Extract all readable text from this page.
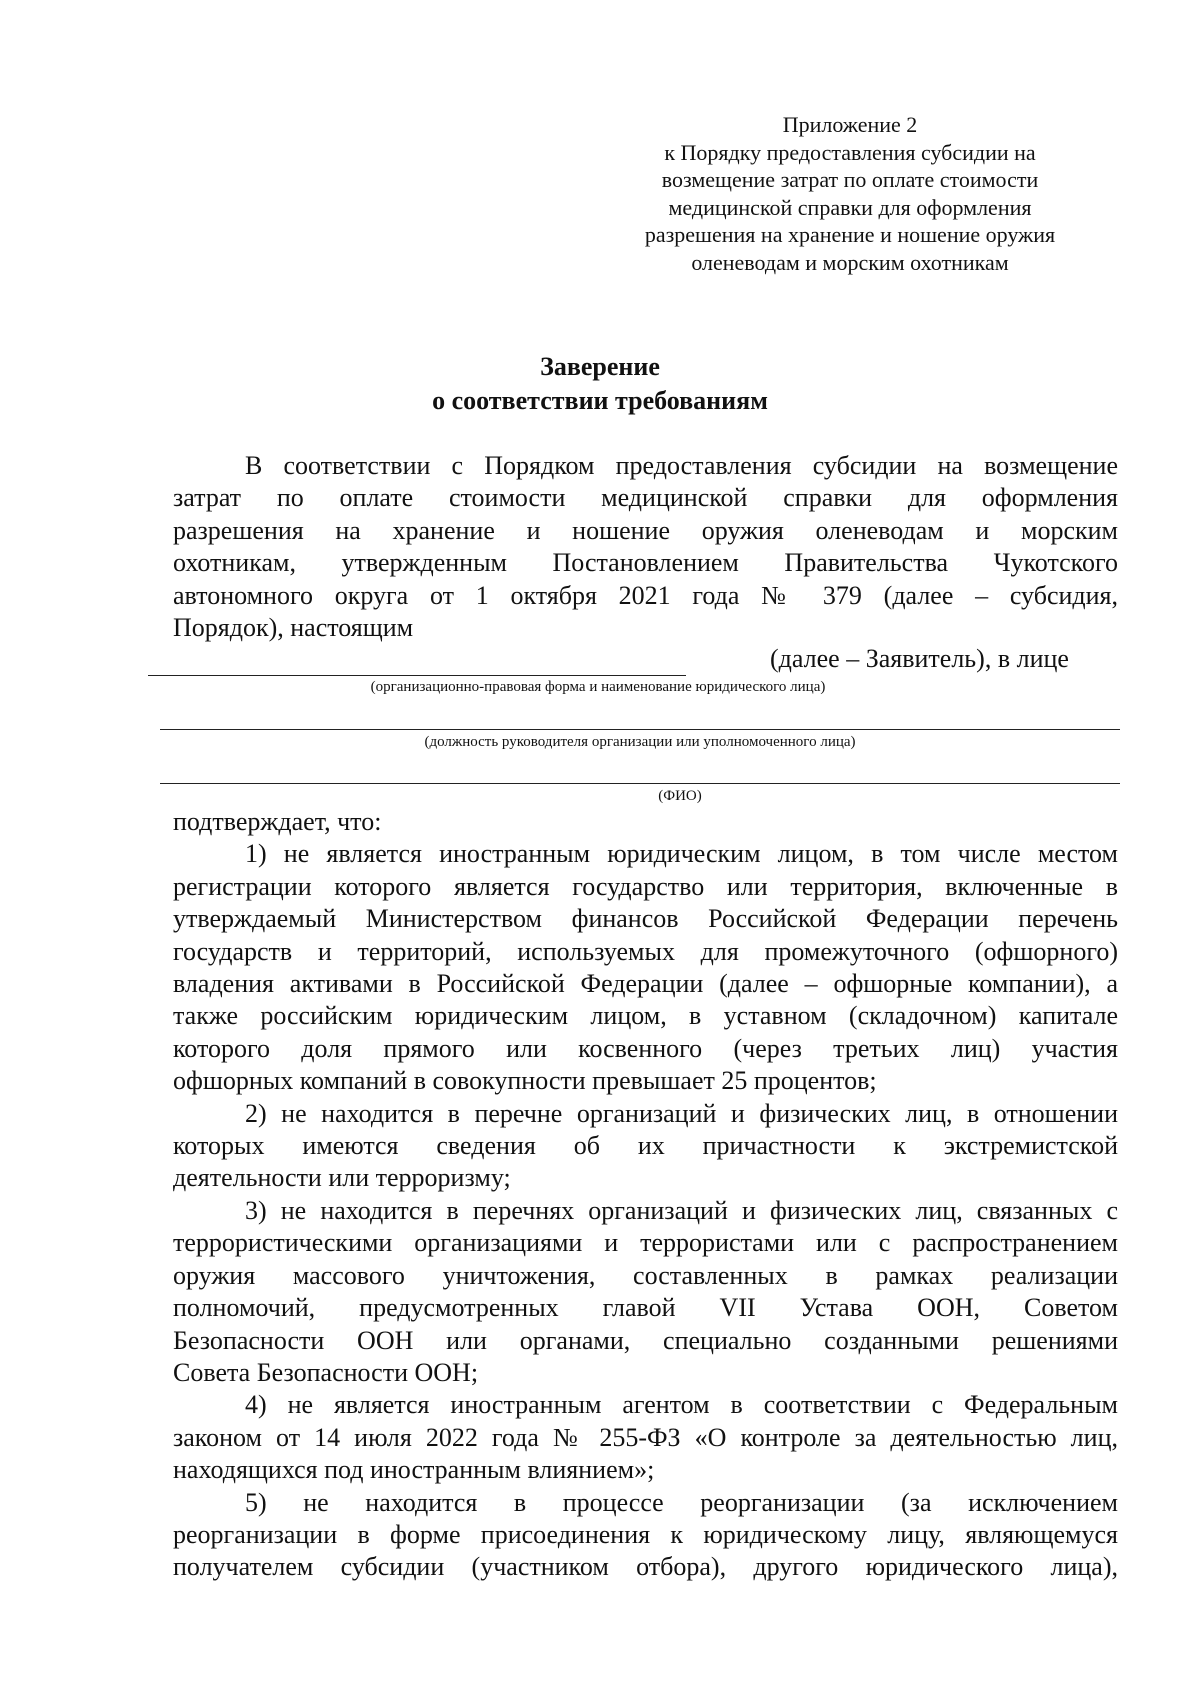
Приложение 2
к Порядку предоставления субсидии на
возмещение затрат по оплате стоимости
медицинской справки для оформления
разрешения на хранение и ношение оружия
оленеводам и морским охотникам
Заверение
о соответствии требованиям
В соответствии с Порядком предоставления субсидии на возмещение
затрат по оплате стоимости медицинской справки для оформления
разрешения на хранение и ношение оружия оленеводам и морским
охотникам, утвержденным Постановлением Правительства Чукотского
автономного округа от 1 октября 2021 года № 379 (далее – субсидия,
Порядок), настоящим
(далее – Заявитель), в лице
(организационно-правовая форма и наименование юридического лица)
(должность руководителя организации или уполномоченного лица)
(ФИО)
подтверждает, что:
1) не является иностранным юридическим лицом, в том числе местом
регистрации которого является государство или территория, включенные в
утверждаемый Министерством финансов Российской Федерации перечень
государств и территорий, используемых для промежуточного (офшорного)
владения активами в Российской Федерации (далее – офшорные компании), а
также российским юридическим лицом, в уставном (складочном) капитале
которого доля прямого или косвенного (через третьих лиц) участия
офшорных компаний в совокупности превышает 25 процентов;
2) не находится в перечне организаций и физических лиц, в отношении
которых имеются сведения об их причастности к экстремистской
деятельности или терроризму;
3) не находится в перечнях организаций и физических лиц, связанных с
террористическими организациями и террористами или с распространением
оружия массового уничтожения, составленных в рамках реализации
полномочий, предусмотренных главой VII Устава ООН, Советом
Безопасности ООН или органами, специально созданными решениями
Совета Безопасности ООН;
4) не является иностранным агентом в соответствии с Федеральным
законом от 14 июля 2022 года № 255-ФЗ «О контроле за деятельностью лиц,
находящихся под иностранным влиянием»;
5) не находится в процессе реорганизации (за исключением
реорганизации в форме присоединения к юридическому лицу, являющемуся
получателем субсидии (участником отбора), другого юридического лица),
